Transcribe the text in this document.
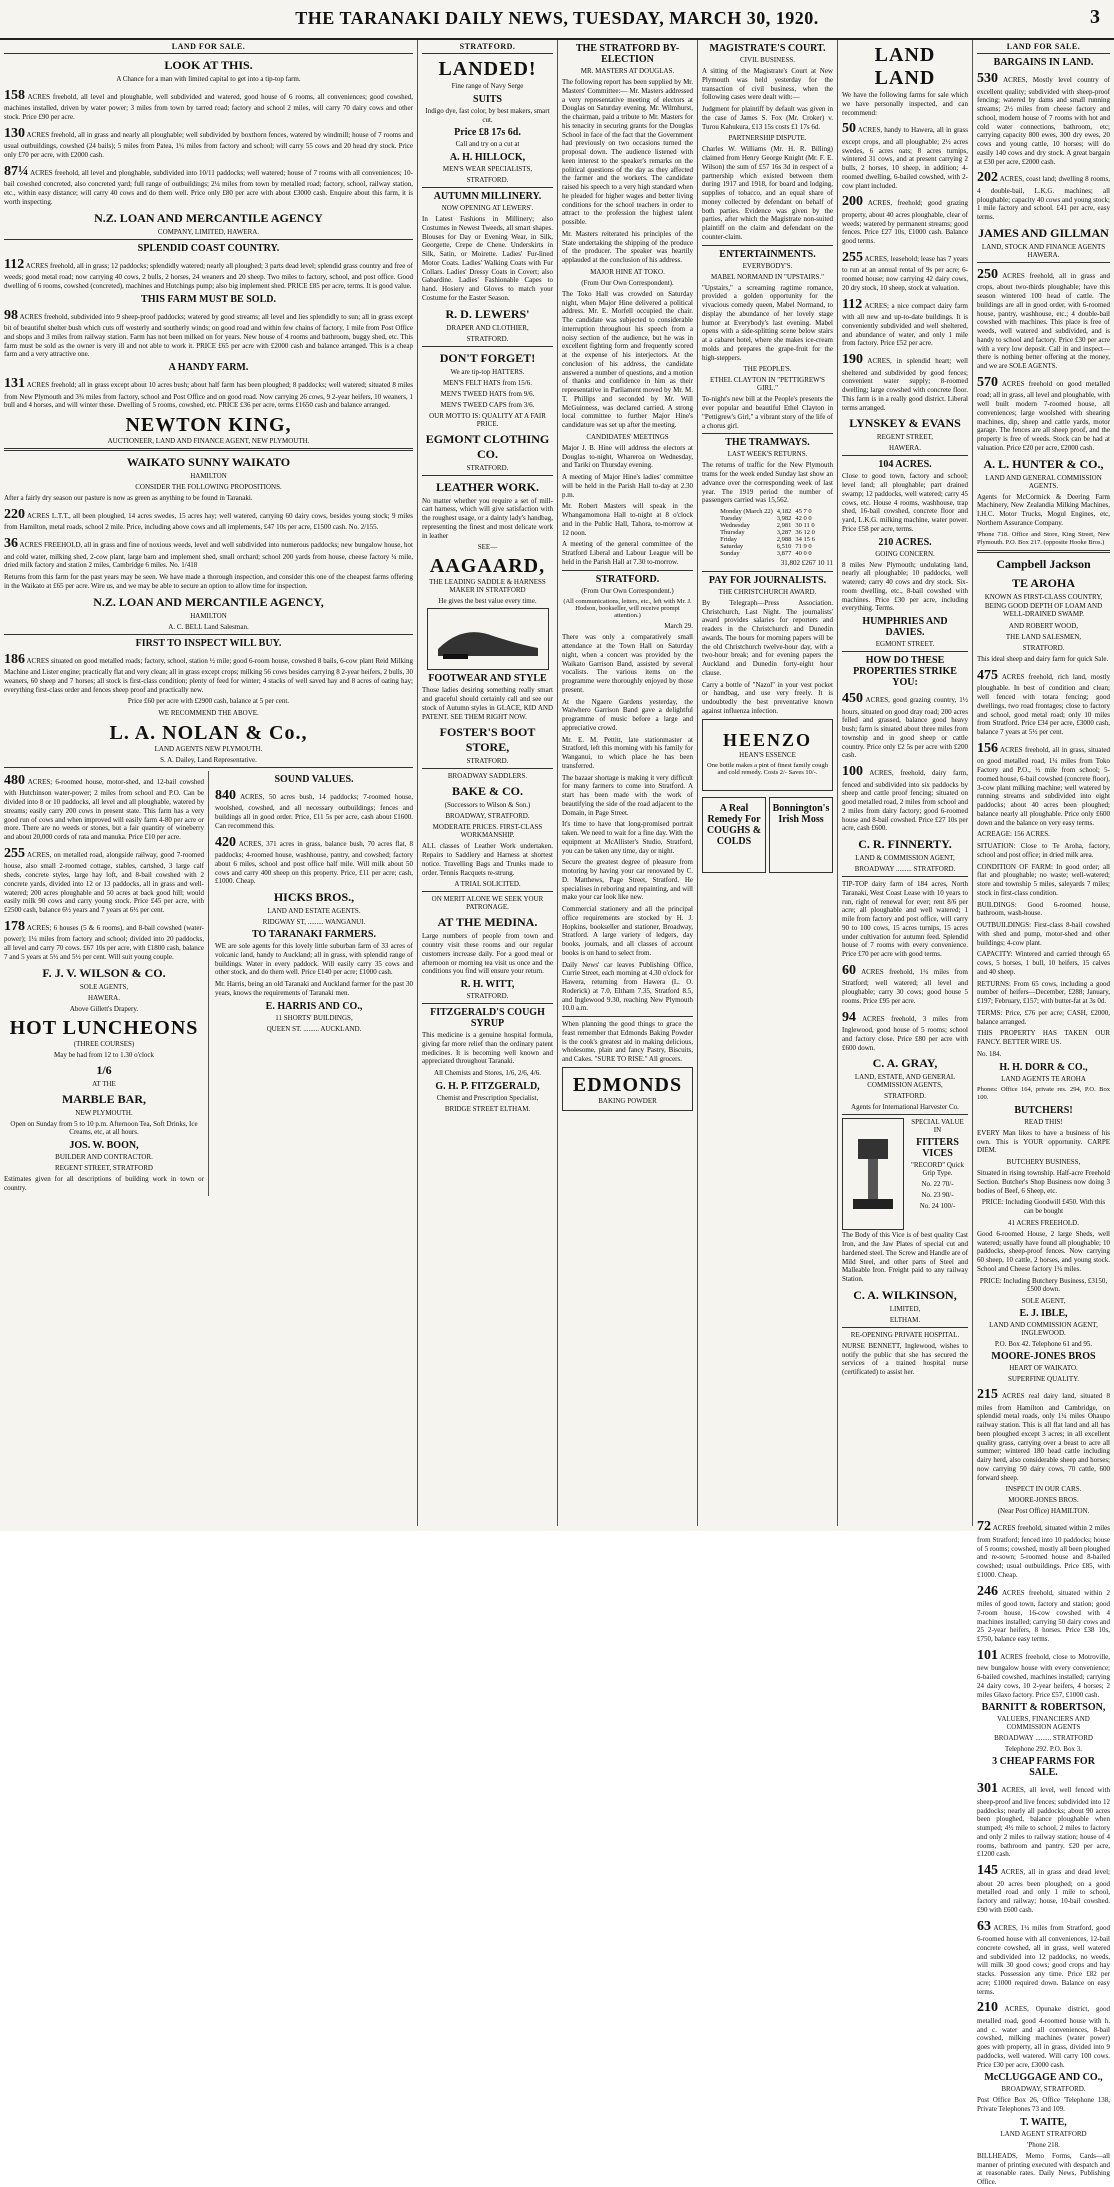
THE TARANAKI DAILY NEWS, TUESDAY, MARCH 30, 1920.	3
LAND FOR SALE.
LOOK AT THIS.

A Chance for a man with limited capital to get into a tip-top farm.

158 ACRES freehold, all level and ploughable, well subdivided and watered, good house of 6 rooms, all conveniences; good cowshed, machines installed, driven by water power; 3 miles from town by tarred road; factory and school 2 miles, will carry 70 dairy cows and other stock. Price £90 per acre.

130 ACRES freehold, all in grass and nearly all ploughable; well subdivided by boxthorn fences, watered by windmill; house of 7 rooms and usual outbuildings, cowshed (24 bails); 5 miles from Patea, 1¼ miles from factory and school; will carry 55 cows and 20 head dry stock. Price only £70 per acre, with £2000 cash.

87¼ ACRES freehold, all level and ploughable, subdivided into 10/11 paddocks; well watered; house of 7 rooms with all conveniences; 10-bail cowshed concreted, also concreted yard; full range of outbuildings; 2¼ miles from town by metalled road; factory, school, railway station, etc., within easy distance; will carry 40 cows and do them well. Price only £80 per acre with about £3000 cash. Enquire about this farm, it is worth inspecting.

N.Z. LOAN AND MERCANTILE AGENCY
COMPANY, LIMITED, HAWERA.
SPLENDID COAST COUNTRY.

112 ACRES freehold, all in grass; 12 paddocks; splendidly watered; nearly all ploughed; 3 parts dead level; splendid grass country and free of weeds; good metal road; now carrying 40 cows, 2 bulls, 2 horses, 24 weaners and 20 sheep. Two miles to factory, school, and post office. Good dwelling of 6 rooms, cowshed (concreted), machines and Hutchings pump; also big implement shed. PRICE £85 per acre, terms. It is good value.

THIS FARM MUST BE SOLD.

98 ACRES freehold, subdivided into 9 sheep-proof paddocks; watered by good streams; all level and lies splendidly to sun; all in grass except bit of beautiful shelter bush which cuts off westerly and southerly winds; on good road and within few chains of factory, 1 mile from Post Office and shops and 3 miles from railway station. Farm has not been milked on for years. New house of 4 rooms and bathroom, buggy shed, etc. This farm must be sold as the owner is very ill and not able to work it. PRICE £65 per acre with £2000 cash and balance arranged. This is a cheap farm and a very attractive one.

A HANDY FARM.

131 ACRES freehold; all in grass except about 10 acres bush; about half farm has been ploughed; 8 paddocks; well watered; situated 8 miles from New Plymouth and 3¾ miles from factory, school and Post Office and on good road. Now carrying 26 cows, 9 2-year heifers, 10 weaners, 1 bull and 4 horses, and will winter these. Dwelling of 5 rooms, cowshed, etc. PRICE £36 per acre, terms £1650 cash and balance arranged.

NEWTON KING,
AUCTIONEER, LAND AND FINANCE AGENT, NEW PLYMOUTH.
WAIKATO SUNNY WAIKATO
HAMILTON
CONSIDER THE FOLLOWING PROPOSITIONS.

After a fairly dry season our pasture is now as green as anything to be found in Taranaki.

220 ACRES L.T.T., all been ploughed, 14 acres swedes, 15 acres hay; well watered, carrying 60 dairy cows, besides young stock; 9 miles from Hamilton, metal roads, school 2 mile. Price, including above cows and all implements, £47 10s per acre, £1500 cash. No. 2/155.

36 ACRES FREEHOLD, all in grass and fine of noxious weeds, level and well subdivided into numerous paddocks; new bungalow house, hot and cold water, milking shed, 2-cow plant, large barn and implement shed, small orchard; school 200 yards from house, cheese factory ¼ mile, dried milk factory and station 2 miles, Cambridge 6 miles. No. 1/418

Returns from this farm for the past years may be seen. We have made a thorough inspection, and consider this one of the cheapest farms offering in the Waikato at £65 per acre. Wire us, and we may be able to secure an option to allow time for inspection.

N.Z. LOAN AND MERCANTILE AGENCY,
HAMILTON
A. C. BELL Land Salesman.
FIRST TO INSPECT WILL BUY.

186 ACRES situated on good metalled roads; factory, school, station ½ mile; good 6-room house, cowshed 8 bails, 6-cow plant Reid Milking Machine and Lister engine; practically flat and very clean; all in grass except crops; milking 56 cows besides carrying 8 2-year heifers, 2 bulls, 30 weaners, 60 sheep and 7 horses; all stock is first-class condition; plenty of feed for winter; 4 stacks of well saved hay and 8 acres of oating hay; everything first-class order and fences sheep proof and practically new.

Price £60 per acre with £2900 cash, balance at 5 per cent.

WE RECOMMEND THE ABOVE.

L. A. NOLAN & Co.,
LAND AGENTS NEW PLYMOUTH.
S. A. Dailey, Land Representative.

480 ACRES; 6-roomed house, motor-shed, and 12-bail cowshed with Hutchinson water-power; 2 miles from school and P.O. Can be divided into 8 or 10 paddocks, all level and all ploughable, watered by streams; easily carry 200 cows in present state. This farm has a very good run of cows and when improved will easily farm 4-80 per acre or more. There are no weeds or stones, but a fair quantity of wineberry and about 20,000 cords of rata and manuka. Price £10 per acre.

255 ACRES, on metalled road, alongside railway, good 7-roomed house, also small 2-roomed cottage, stables, cartshed, 3 large calf sheds, concrete styles, large hay loft, and 8-bail cowshed with 2 concrete yards, divided into 12 or 13 paddocks, all in grass and well-watered; 200 acres ploughable and 50 acres at back good hill; would easily milk 90 cows and carry young stock. Price £45 per acre, with £2500 cash, balance 6½ years and 7 years at 6½ per cent.

178 ACRES; 6 houses (5 & 6 rooms), and 8-bail cowshed (water-power); 1¼ miles from factory and school; divided into 20 paddocks, all level and carry 70 cows. £67 10s per acre, with £1800 cash, balance 7 and 5 years at 5½ and 5½ per cent. Will suit young couple.

F. J. V. WILSON & CO.
SOLE AGENTS,
HAWERA.
Above Gillett's Drapery.
HOT LUNCHEONS
(THREE COURSES)
May be had from 12 to 1.30 o'clock
1/6
AT THE
MARBLE BAR,
NEW PLYMOUTH.

Open on Sunday from 5 to 10 p.m. Afternoon Tea, Soft Drinks, Ice Creams, etc, at all hours.

JOS. W. BOON,
BUILDER AND CONTRACTOR.
REGENT STREET, STRATFORD

Estimates given for all descriptions of building work in town or country.

SOUND VALUES.

840 ACRES, 50 acres bush, 14 paddocks; 7-roomed house, woolshed, cowshed, and all necessary outbuildings; fences and buildings all in good order. Price, £11 5s per acre, cash about £1600. Can recommend this.

420 ACRES, 371 acres in grass, balance bush, 70 acres flat, 8 paddocks; 4-roomed house, washhouse, pantry, and cowshed; factory about 6 miles, school and post office half mile. Will milk about 50 cows and carry 400 sheep on this property. Price, £11 per acre; cash, £1000. Cheap.

HICKS BROS.,
LAND AND ESTATE AGENTS.
RIDGWAY ST, ......... WANGANUI.
TO TARANAKI FARMERS.

WE are sole agents for this lovely little suburban farm of 33 acres of volcanic land, handy to Auckland; all in grass, with splendid range of buildings. Water in every paddock. Will easily carry 35 cows and other stock, and do them well. Price £140 per acre; £1000 cash.

Mr. Harris, being an old Taranaki and Auckland farmer for the past 30 years, knows the requirements of Taranaki men.

E. HARRIS AND CO.,
11 SHORTS' BUILDINGS,
QUEEN ST. ......... AUCKLAND.
STRATFORD.
LANDED!

Fine range of Navy Serge

SUITS

Indigo dye, fast color, by best makers, smart cut.

Price £8 17s 6d.

Call and try on a cut at

A. H. HILLOCK,
MEN'S WEAR SPECIALISTS,
STRATFORD.
AUTUMN MILLINERY.
NOW OPENING AT LEWERS'.

In Latest Fashions in Millinery; also Costumes in Newest Tweeds, all smart shapes. Blouses for Day or Evening Wear, in Silk, Georgette, Crepe de Chene. Underskirts in Silk, Satin, or Moirette. Ladies' Fur-lined Motor Coats. Ladies' Walking Coats with Fur Collars. Ladies' Dressy Coats in Covert; also Gabardine. Ladies' Fashionable Capes to hand. Hosiery and Gloves to match your Costume for the Easter Season.

R. D. LEWERS'
DRAPER AND CLOTHIER,
STRATFORD.
DON'T FORGET!
We are tip-top HATTERS.
MEN'S FELT HATS from 15/6.
MEN'S TWEED HATS from 9/6.
MEN'S TWEED CAPS from 3/6.
OUR MOTTO IS: QUALITY AT A FAIR PRICE.
EGMONT CLOTHING CO.
STRATFORD.
LEATHER WORK.

No matter whether you require a set of mill-cart harness, which will give satisfaction with the roughest usage, or a dainty lady's handbag, representing the finest and most delicate work in leather

SEE—
AAGAARD,
THE LEADING SADDLE & HARNESS MAKER IN STRATFORD
He gives the best value every time.
FOOTWEAR AND STYLE

Those ladies desiring something really smart and graceful should certainly call and see our stock of Autumn styles in GLACE, KID AND PATENT. SEE THEM RIGHT NOW.

FOSTER'S BOOT STORE,
STRATFORD.
BROADWAY SADDLERS.
BAKE & CO.
(Successors to Wilson & Son.)
BROADWAY, STRATFORD.
MODERATE PRICES. FIRST-CLASS WORKMANSHIP.

ALL classes of Leather Work undertaken. Repairs to Saddlery and Harness at shortest notice. Travelling Bags and Trunks made to order. Tennis Racquets re-strung.

A TRIAL SOLICITED.
ON MERIT ALONE WE SEEK YOUR PATRONAGE.
AT THE MEDINA.

Large numbers of people from town and country visit these rooms and our regular customers increase daily. For a good meal or afternoon or morning tea visit us once and the conditions you find will ensure your return.

R. H. WITT,
STRATFORD.
FITZGERALD'S COUGH SYRUP

This medicine is a genuine hospital formula, giving far more relief than the ordinary patent medicines. It is becoming well known and appreciated throughout Taranaki.

All Chemists and Stores, 1/6, 2/6, 4/6.

G. H. P. FITZGERALD,
Chemist and Prescription Specialist,
BRIDGE STREET ELTHAM.
THE STRATFORD BY-ELECTION
MR. MASTERS AT DOUGLAS.

The following report has been supplied by Mr. Masters' Committee:— Mr. Masters addressed a very representative meeting of electors at Douglas on Saturday evening. Mr. Wilmhurst, the chairman, paid a tribute to Mr. Masters for his tenacity in securing grants for the Douglas School in face of the fact that the Government had previously on two occasions turned the proposal down. The audience listened with keen interest to the speaker's remarks on the political questions of the day as they affected the farmer and the workers. The candidate raised his speech to a very high standard when he pleaded for higher wages and better living conditions for the school teachers in order to attract to the profession the highest talent possible.

Mr. Masters reiterated his principles of the State undertaking the shipping of the produce of the producer. The speaker was heartily applauded at the conclusion of his address.

MAJOR HINE AT TOKO.
(From Our Own Correspondent).

The Toko Hall was crowded on Saturday night, when Major Hine delivered a political address. Mr. E. Morfell occupied the chair. The candidate was subjected to considerable interruption throughout his speech from a noisy section of the audience, but he was in excellent fighting form and frequently scored at the expense of his interjectors. At the conclusion of his address, the candidate answered a number of questions, and a motion of thanks and confidence in him as their representative in Parliament moved by Mr. M. T. Phillips and seconded by Mr. Will McGuinness, was declared carried. A strong local committee to further Major Hine's candidature was set up after the meeting.

CANDIDATES' MEETINGS

Major J. B. Hine will address the electors at Douglas to-night, Whareroa on Wednesday, and Tariki on Thursday evening.

A meeting of Major Hine's ladies' committee will be held in the Parish Hall to-day at 2.30 p.m.

Mr. Robert Masters will speak in the Whangamomona Hall to-night at 8 o'clock and in the Public Hall, Tahora, to-morrow at 12 noon.

A meeting of the general committee of the Stratford Liberal and Labour League will be held in the Parish Hall at 7.30 to-morrow.

STRATFORD.
(From Our Own Correspondent.)
(All communications, letters, etc., left with Mr. J. Hodson, bookseller, will receive prompt attention.)

March 29.

There was only a comparatively small attendance at the Town Hall on Saturday night, when a concert was provided by the Waikato Garrison Band, assisted by several vocalists. The various items on the programme were thoroughly enjoyed by those present.

At the Ngaere Gardens yesterday, the Waiwhero Garrison Band gave a delightful programme of music before a large and appreciative crowd.

Mr. E. M. Pettitt, late stationmaster at Stratford, left this morning with his family for Wanganui, to which place he has been transferred.

The bazaar shortage is making it very difficult for many farmers to come into Stratford. A start has been made with the work of beautifying the side of the road adjacent to the Domain, in Page Street.

It's time to have that long-promised portrait taken. We need to wait for a fine day. With the equipment at McAllister's Studio, Stratford, you can be taken any time, day or night.

Secure the greatest degree of pleasure from motoring by having your car renovated by C. D. Matthews, Page Street, Stratford. He specialises in reboring and repainting, and will make your car look like new.

Commercial stationery and all the principal office requirements are stocked by H. J. Hopkins, bookseller and stationer, Broadway, Stratford. A large variety of ledgers, day books, journals, and all classes of account books is on hand to select from.

Daily News' car leaves Publishing Office, Currie Street, each morning at 4.30 o'clock for Hawera, returning from Hawera (L. O. Roderick) at 7.0, Eltham 7.35, Stratford 8.5, and Inglewood 9.30, reaching New Plymouth 10.0 a.m.

When planning the good things to grace the feast remember that Edmonds Baking Powder is the cook's greatest aid in making delicious, wholesome, plain and fancy Pastry, Biscuits, and Cakes. "SURE TO RISE." All grocers.

EDMONDS
BAKING POWDER
MAGISTRATE'S COURT.
CIVIL BUSINESS.

A sitting of the Magistrate's Court at New Plymouth was held yesterday for the transaction of civil business, when the following cases were dealt with:—

Judgment for plaintiff by default was given in the case of James S. Fox (Mr. Croker) v. Turou Kahukura, £13 15s costs £1 17s 6d.

PARTNERSHIP DISPUTE.

Charles W. Williams (Mr. H. R. Billing) claimed from Henry George Knight (Mr. F. E. Wilson) the sum of £57 16s 3d in respect of a partnership which existed between them during 1917 and 1918, for board and lodging, supplies of tobacco, and an equal share of money collected by defendant on behalf of both parties. Evidence was given by the parties, after which the Magistrate non-suited plaintiff on the claim and defendant on the counter-claim.

ENTERTAINMENTS.
EVERYBODY'S.
MABEL NORMAND IN "UPSTAIRS."

"Upstairs," a screaming ragtime romance, provided a golden opportunity for the vivacious comedy queen, Mabel Normand, to display the abundance of her lovely stage humor at Everybody's last evening. Mabel opens with a side-splitting scene below stairs at a cabaret hotel, where she makes ice-cream molds and prepares the grape-fruit for the high-steppers.

THE PEOPLE'S.
ETHEL CLAYTON IN "PETTIGREW'S GIRL."

To-night's new bill at the People's presents the ever popular and beautiful Ethel Clayton in "Pettigrew's Girl," a vibrant story of the life of a chorus girl.

THE TRAMWAYS.
LAST WEEK'S RETURNS.

The returns of traffic for the New Plymouth trams for the week ended Sunday last show an advance over the corresponding week of last year. The 1919 period the number of passengers carried was 15,562.

Monday (March 22)	4,182	45 7 0
Tuesday	3,982	42 0 0
Wednesday	2,981	30 11 0
Thursday	3,287	36 12 0
Friday	2,988	34 15 6
Saturday	6,510	71 9 0
Sunday	3,877	40 0 0

31,802 £267 10 11

PAY FOR JOURNALISTS.
THE CHRISTCHURCH AWARD.

By Telegraph—Press Association. Christchurch, Last Night. The journalists' award provides salaries for reporters and readers in the Christchurch and Dunedin awards. The hours for morning papers will be the old Christchurch twelve-hour day, with a two-hour break; and for evening papers the Auckland and Dunedin forty-eight hour clause.

Carry a bottle of "Nazol" in your vest pocket or handbag, and use very freely. It is undoubtedly the best preventative known against influenza infection.

HEENZO
HEAN'S ESSENCE
One bottle makes a pint of finest family cough and cold remedy. Costs 2/- Saves 10/-.
A Real Remedy For COUGHS & COLDS
Bonnington's Irish Moss
LAND LAND

We have the following farms for sale which we have personally inspected, and can recommend:

50 ACRES, handy to Hawera, all in grass except crops, and all ploughable; 2½ acres swedes, 6 acres oats; 8 acres turnips, wintered 31 cows, and at present carrying 2 bulls, 2 horses, 10 sheep, in addition; 4-roomed dwelling, 6-bailed cowshed, with 2-cow plant included.

200 ACRES, freehold; good grazing property, about 40 acres ploughable, clear of weeds; watered by permanent streams; good fences. Price £27 10s, £1000 cash. Balance good terms.

255 ACRES, leasehold; lease has 7 years to run at an annual rental of 9s per acre; 6-roomed house; now carrying 42 dairy cows, 20 dry stock, 10 sheep, stock at valuation.

112 ACRES; a nice compact dairy farm with all new and up-to-date buildings. It is conveniently subdivided and well sheltered, and abundance of water, and only 1 mile from factory. Price £52 per acre.

190 ACRES, in splendid heart; well sheltered and subdivided by good fences; convenient water supply; 8-roomed dwelling; large cowshed with concrete floor. This farm is in a really good district. Liberal terms arranged.

LYNSKEY & EVANS
REGENT STREET,
HAWERA.
104 ACRES.

Close to good town, factory and school; level land; all ploughable; part drained swamp; 12 paddocks, well watered; carry 45 cows, etc. House 4 rooms, washhouse, trap shed, 16-bail cowshed, concrete floor and yard, L.K.G. milking machine, water power. Price £58 per acre, terms.

210 ACRES.
GOING CONCERN.

8 miles New Plymouth; undulating land, nearly all ploughable; 10 paddocks, well watered; carry 40 cows and dry stock. Six-room dwelling, etc., 8-bail cowshed with machines. Price £30 per acre, including everything. Terms.

HUMPHRIES AND DAVIES.
EGMONT STREET.
HOW DO THESE PROPERTIES STRIKE YOU:

450 ACRES, good grazing country, 1½ hours, situated on good dray road; 200 acres felled and grassed, balance good heavy bush; farm is situated about three miles from township and in good sheep or cattle country. Price only £2 5s per acre with £200 cash.

100 ACRES, freehold, dairy farm, fenced and subdivided into six paddocks by sheep and cattle proof fencing; situated on good metalled road, 2 miles from school and 2 miles from dairy factory; good 6-roomed house and 8-bail cowshed. Price £27 10s per acre, cash £600.

C. R. FINNERTY.
LAND & COMMISSION AGENT,
BROADWAY ......... STRATFORD.

TIP-TOP dairy farm of 184 acres, North Taranaki, West Coast Lease with 10 years to run, right of renewal for ever; rent 8/6 per acre; all ploughable and well watered; 1 mile from factory and post office, will carry 90 to 100 cows, 15 acres turnips, 15 acres under cultivation for autumn feed. Splendid house of 7 rooms with every convenience. Price £70 per acre with good terms.

60 ACRES freehold, 1¼ miles from Stratford; well watered; all level and ploughable; carry 30 cows; good house 5 rooms. Price £95 per acre.

94 ACRES freehold, 3 miles from Inglewood, good house of 5 rooms; school and factory close. Price £80 per acre with £600 down.

C. A. GRAY,
LAND, ESTATE, AND GENERAL COMMISSION AGENTS,
STRATFORD.
Agents for International Harvester Co.
SPECIAL VALUE IN
FITTERS VICES
"RECORD" Quick Grip Type.
No. 22 70/-
No. 23 90/-
No. 24 100/-

The Body of this Vice is of best quality Cast Iron, and the Jaw Plates of special cut and hardened steel. The Screw and Handle are of Mild Steel, and other parts of Steel and Malleable Iron. Freight paid to any railway Station.

C. A. WILKINSON,
LIMITED,
ELTHAM.
RE-OPENING PRIVATE HOSPITAL.

NURSE BENNETT, Inglewood, wishes to notify the public that she has secured the services of a trained hospital nurse (certificated) to assist her.

LAND FOR SALE.
BARGAINS IN LAND.

530 ACRES, Mostly level country of excellent quality; subdivided with sheep-proof fencing; watered by dams and small running streams; 2½ miles from cheese factory and school, modern house of 7 rooms with hot and cold water connections, bathroom, etc; carrying capacity 800 ewes, 300 dry ewes, 20 cows and young cattle, 10 horses; will do easily 140 cows and dry stock. A great bargain at £30 per acre, £2000 cash.

202 ACRES, coast land; dwelling 8 rooms, 4 double-bail, L.K.G. machines; all ploughable; capacity 40 cows and young stock; 1 mile factory and school. £41 per acre, easy terms.

JAMES AND GILLMAN
LAND, STOCK AND FINANCE AGENTS HAWERA.

250 ACRES freehold, all in grass and crops, about two-thirds ploughable; have this season wintered 100 head of cattle. The buildings are all in good order, with 6-roomed house, pantry, washhouse, etc.; 4 double-bail cowshed with machines. This place is free of weeds, well watered and subdivided, and is handy to school and factory. Price £30 per acre with a very low deposit. Call in and inspect—there is nothing better offering at the money, and we are SOLE AGENTS.

570 ACRES freehold on good metalled road; all in grass, all level and ploughable, with well built modern 7-roomed house, all conveniences; large woolshed with shearing machines, dip, sheep and cattle yards, motor garage. The fences are all sheep proof, and the property is free of weeds. Stock can be had at valuation. Price £20 per acre, £2000 cash.

A. L. HUNTER & CO.,
LAND AND GENERAL COMMISSION AGENTS.

Agents for McCormick & Deering Farm Machinery, New Zealandia Milking Machines, I.H.C. Motor Trucks, Mogul Engines, etc, Northern Assurance Company.

'Phone 718. Office and Store, King Street, New Plymouth. P.O. Box 217. (opposite Hooke Bros.)

Campbell Jackson
TE AROHA

KNOWN AS FIRST-CLASS COUNTRY, BEING GOOD DEPTH OF LOAM AND WELL-DRAINED SWAMP.

AND ROBERT WOOD,
THE LAND SALESMEN,
STRATFORD.

This ideal sheep and dairy farm for quick Sale.

475 ACRES freehold, rich land, mostly ploughable. In best of condition and clean; well fenced with totara fencing; good dwellings, two road frontages; close to factory and school, good metal road; only 10 miles from Stratford. Price £34 per acre, £3000 cash, balance 7 years at 5½ per cent.

156 ACRES freehold, all in grass, situated on good metalled road, 1¼ miles from Toko Factory and P.O., ½ mile from school; 5-roomed house, 6-bail cowshed (concrete floor), 3-cow plant milking machine; well watered by running streams and subdivided into eight paddocks; about 40 acres been ploughed; balance nearly all ploughable. Price only £600 down and the balance on very easy terms.

ACREAGE: 156 ACRES.

SITUATION: Close to Te Aroha, factory, school and post office; in dried milk area.

CONDITION OF FARM: In good order; all flat and ploughable; no waste; well-watered; store and township 5 miles, saleyards 7 miles; stock in first-class condition.

BUILDINGS: Good 6-roomed house, bathroom, wash-house.

OUTBUILDINGS: First-class 8-bail cowshed with shed and pump, motor-shed and other buildings; 4-cow plant.

CAPACITY: Wintered and carried through 65 cows, 5 horses, 1 bull, 10 heifers, 15 calves and 40 sheep.

RETURNS: From 65 cows, including a good number of heifers—December, £288; January, £197; February, £157; with butter-fat at 3s 0d.

TERMS: Price, £76 per acre; CASH, £2000, balance arranged.

THIS PROPERTY HAS TAKEN OUR FANCY. BETTER WIRE US.

No. 184.

H. H. DORR & CO.,
LAND AGENTS TE AROHA

Phones: Office 164, private res. 294, P.O. Box 100.

BUTCHERS!
READ THIS!

EVERY Man likes to have a business of his own. This is YOUR opportunity. CARPE DIEM.

BUTCHERY BUSINESS,

Situated in rising township. Half-acre Freehold Section. Butcher's Shop Business now doing 3 bodies of Beef, 6 Sheep, etc.

PRICE: Including Goodwill £450. With this can be bought

41 ACRES FREEHOLD.

Good 6-roomed House, 2 large Sheds, well watered; usually have found all ploughable; 10 paddocks, sheep-proof fences. Now carrying 60 sheep, 10 cattle, 2 horses, and young stock. School and Cheese factory 1¼ miles.

PRICE: Including Butchery Business, £3150, £500 down.

SOLE AGENT,
E. J. IBLE,
LAND AND COMMISSION AGENT, INGLEWOOD.
P.O. Box 42. Telephone 61 and 95.
MOORE-JONES BROS
HEART OF WAIKATO.
SUPERFINE QUALITY.

215 ACRES real dairy land, situated 8 miles from Hamilton and Cambridge, on splendid metal roads, only 1¼ miles Ohaupo railway station. This is all flat land and all has been ploughed except 3 acres; in all excellent quality grass, carrying over a beast to acre all summer; wintered 180 head cattle including dairy herd, also considerable sheep and horses; now carrying 50 dairy cows, 70 cattle, 600 forward sheep.

INSPECT IN OUR CARS.
MOORE-JONES BROS.
(Near Post Office) HAMILTON.

72 ACRES freehold, situated within 2 miles from Stratford; fenced into 10 paddocks; house of 5 rooms; cowshed, mostly all been ploughed and re-sown; 5-roomed house and 8-bailed cowshed; usual outbuildings. Price £85, with £1000. Cheap.

246 ACRES freehold, situated within 2 miles of good town, factory and station; good 7-room house, 16-cow cowshed with 4 machines installed; carrying 50 dairy cows and 25 2-year heifers, 8 horses. Price £38 10s, £750, balance easy terms.

101 ACRES freehold, close to Motroville, new bungalow house with every convenience; 6-bailed cowshed, machines installed; carrying 24 dairy cows, 10 2-year heifers, 4 horses; 2 miles Glaxo factory. Price £57, £1000 cash.

BARNITT & ROBERTSON,
VALUERS, FINANCIERS AND COMMISSION AGENTS
BROADWAY ......... STRATFORD
Telephone 292. P.O. Box 3.
3 CHEAP FARMS FOR SALE.

301 ACRES, all level, well fenced with sheep-proof and live fences; subdivided into 12 paddocks; nearly all paddocks; about 90 acres been ploughed, balance ploughable when stumped; 4½ mile to school, 2 miles to factory and only 2 miles to railway station; house of 4 rooms, bathroom and pantry. £20 per acre, £1200 cash.

145 ACRES, all in grass and dead level; about 20 acres been ploughed; on a good metalled road and only 1 mile to school, factory and railway; house, 10-bail cowshed. £90 with £600 cash.

63 ACRES, 1½ miles from Stratford, good 6-roomed house with all conveniences, 12-bail concrete cowshed, all in grass, well watered and subdivided into 12 paddocks, no weeds, will milk 30 good cows; good crops and hay stacks. Possession any time. Price £82 per acre; £1000 required down. Balance on easy terms.

210 ACRES, Opunake district, good metalled road, good 4-roomed house with h. and c. water and all conveniences, 8-bail cowshed, milking machines (water power) goes with property, all in grass, divided into 9 paddocks, well watered. Will carry 100 cows. Price £30 per acre, £3000 cash.

McCLUGGAGE AND CO.,
BROADWAY, STRATFORD.

Post Office Box 26, Office 'Telephone 138, Private Telephones 73 and 109.

T. WAITE,
LAND AGENT STRATFORD
'Phone 218.

BILLHEADS, Memo Forms, Cards—all manner of printing executed with despatch and at reasonable rates. Daily News, Publishing Office.
